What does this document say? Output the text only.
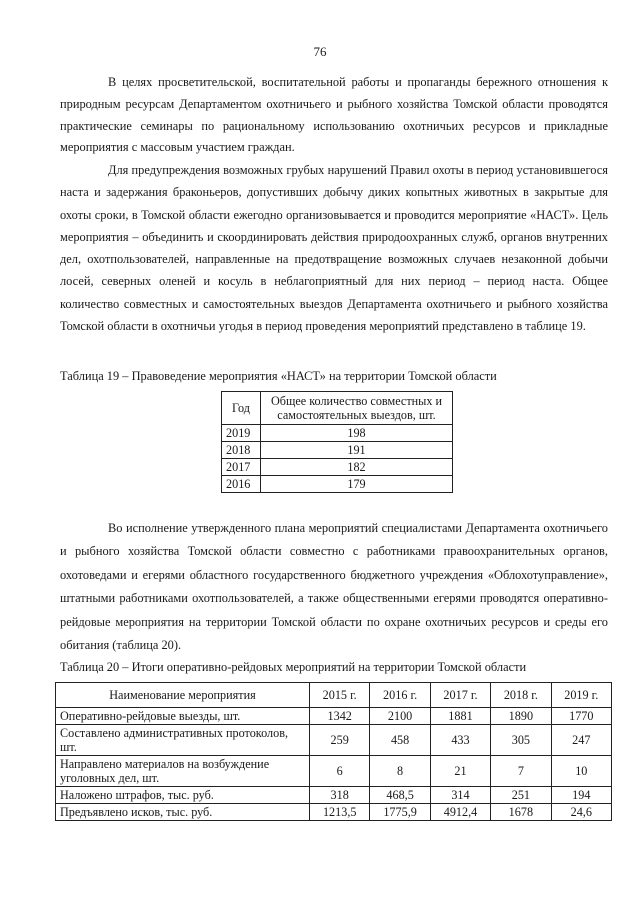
76

В целях просветительской, воспитательной работы и пропаганды бережного отношения к природным ресурсам Департаментом охотничьего и рыбного хозяйства Томской области проводятся практические семинары по рациональному использованию охотничьих ресурсов и прикладные мероприятия с массовым участием граждан.

Для предупреждения возможных грубых нарушений Правил охоты в период установившегося наста и задержания браконьеров, допустивших добычу диких копытных животных в закрытые для охоты сроки, в Томской области ежегодно организовывается и проводится мероприятие «НАСТ». Цель мероприятия – объединить и скоординировать действия природоохранных служб, органов внутренних дел, охотпользователей, направленные на предотвращение возможных случаев незаконной добычи лосей, северных оленей и косуль в неблагоприятный для них период – период наста. Общее количество совместных и самостоятельных выездов Департамента охотничьего и рыбного хозяйства Томской области в охотничьи угодья в период проведения мероприятий представлено в таблице 19.

Таблица 19 – Правоведение мероприятия «НАСТ» на территории Томской области

Год	Общее количество совместных и самостоятельных выездов, шт.
2019	198
2018	191
2017	182
2016	179

Во исполнение утвержденного плана мероприятий специалистами Департамента охотничьего и рыбного хозяйства Томской области совместно с работниками правоохранительных органов, охотоведами и егерями областного государственного бюджетного учреждения «Облохотуправление», штатными работниками охотпользователей, а также общественными егерями проводятся оперативно-рейдовые мероприятия на территории Томской области по охране охотничьих ресурсов и среды его обитания (таблица 20).

Таблица 20 – Итоги оперативно-рейдовых мероприятий на территории Томской области

Наименование мероприятия	2015 г.	2016 г.	2017 г.	2018 г.	2019 г.
Оперативно-рейдовые выезды, шт.	1342	2100	1881	1890	1770
Составлено административных протоколов, шт.	259	458	433	305	247
Направлено материалов на возбуждение уголовных дел, шт.	6	8	21	7	10
Наложено штрафов, тыс. руб.	318	468,5	314	251	194
Предъявлено исков, тыс. руб.	1213,5	1775,9	4912,4	1678	24,6
